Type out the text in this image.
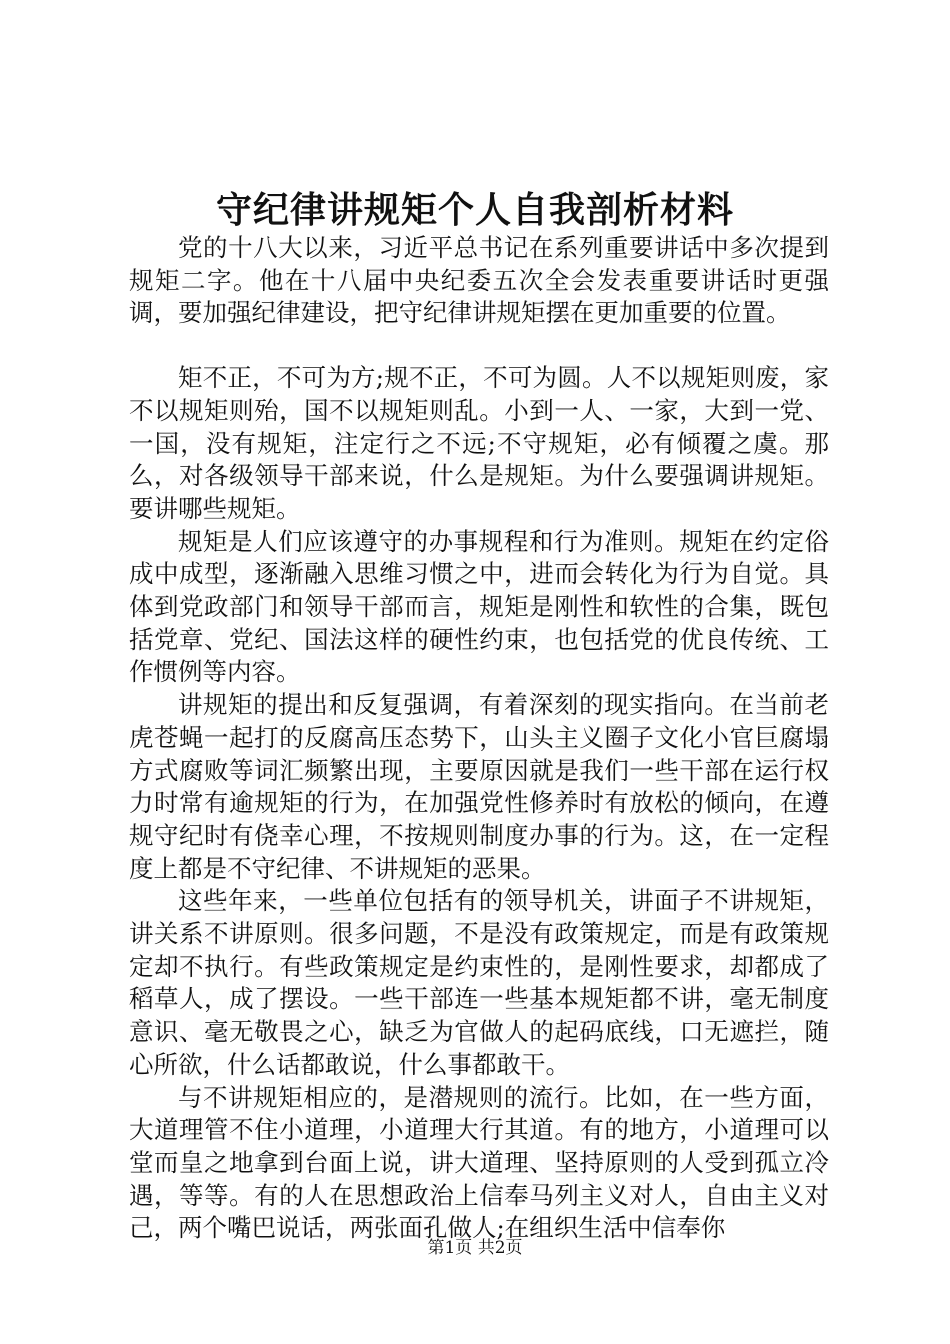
守纪律讲规矩个人自我剖析材料

党的十八大以来，习近平总书记在系列重要讲话中多次提到规矩二字。他在十八届中央纪委五次全会发表重要讲话时更强调，要加强纪律建设，把守纪律讲规矩摆在更加重要的位置。

矩不正，不可为方;规不正，不可为圆。人不以规矩则废，家不以规矩则殆，国不以规矩则乱。小到一人、一家，大到一党、一国，没有规矩，注定行之不远;不守规矩，必有倾覆之虞。那么，对各级领导干部来说，什么是规矩。为什么要强调讲规矩。要讲哪些规矩。

规矩是人们应该遵守的办事规程和行为准则。规矩在约定俗成中成型，逐渐融入思维习惯之中，进而会转化为行为自觉。具体到党政部门和领导干部而言，规矩是刚性和软性的合集，既包括党章、党纪、国法这样的硬性约束，也包括党的优良传统、工作惯例等内容。

讲规矩的提出和反复强调，有着深刻的现实指向。在当前老虎苍蝇一起打的反腐高压态势下，山头主义圈子文化小官巨腐塌方式腐败等词汇频繁出现，主要原因就是我们一些干部在运行权力时常有逾规矩的行为，在加强党性修养时有放松的倾向，在遵规守纪时有侥幸心理，不按规则制度办事的行为。这，在一定程度上都是不守纪律、不讲规矩的恶果。

这些年来，一些单位包括有的领导机关，讲面子不讲规矩，讲关系不讲原则。很多问题，不是没有政策规定，而是有政策规定却不执行。有些政策规定是约束性的，是刚性要求，却都成了稻草人，成了摆设。一些干部连一些基本规矩都不讲，毫无制度意识、毫无敬畏之心，缺乏为官做人的起码底线，口无遮拦，随心所欲，什么话都敢说，什么事都敢干。

与不讲规矩相应的，是潜规则的流行。比如，在一些方面，大道理管不住小道理，小道理大行其道。有的地方，小道理可以堂而皇之地拿到台面上说，讲大道理、坚持原则的人受到孤立冷遇，等等。有的人在思想政治上信奉马列主义对人，自由主义对己，两个嘴巴说话，两张面孔做人;在组织生活中信奉你

第1页 共2页
